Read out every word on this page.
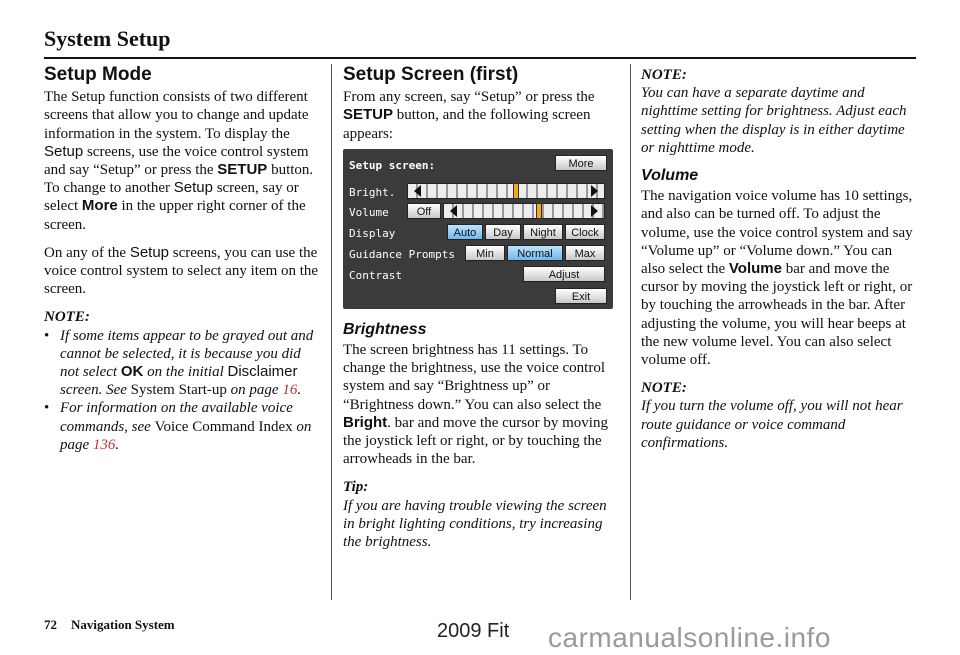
System Setup
Setup Mode

The Setup function consists of two different screens that allow you to change and update information in the system. To display the Setup screens, use the voice control system and say “Setup” or press the SETUP button. To change to another Setup screen, say or select More in the upper right corner of the screen.

On any of the Setup screens, you can use the voice control system to select any item on the screen.

NOTE:
• If some items appear to be grayed out and cannot be selected, it is because you did not select OK on the initial Disclaimer screen. See System Start-up on page 16.
• For information on the available voice commands, see Voice Command Index on page 136.
Setup Screen (first)

From any screen, say “Setup” or press the SETUP button, and the following screen appears:

Setup screen:	More
Bright.
Volume	Off
Display	Auto	Day	Night	Clock
Guidance Prompts	Min	Normal	Max
Contrast	Adjust
Exit
Brightness

The screen brightness has 11 settings. To change the brightness, use the voice control system and say “Brightness up” or “Brightness down.” You can also select the Bright. bar and move the cursor by moving the joystick left or right, or by touching the arrowheads in the bar.

Tip:
If you are having trouble viewing the screen in bright lighting conditions, try increasing the brightness.
NOTE:

You can have a separate daytime and nighttime setting for brightness. Adjust each setting when the display is in either daytime or nighttime mode.

Volume

The navigation voice volume has 10 settings, and also can be turned off. To adjust the volume, use the voice control system and say “Volume up” or “Volume down.” You can also select the Volume bar and move the cursor by moving the joystick left or right, or by touching the arrowheads in the bar. After adjusting the volume, you will hear beeps at the new volume level. You can also select volume off.

NOTE:
If you turn the volume off, you will not hear route guidance or voice command confirmations.
72 Navigation System	2009 Fit carmanualsonline.info
